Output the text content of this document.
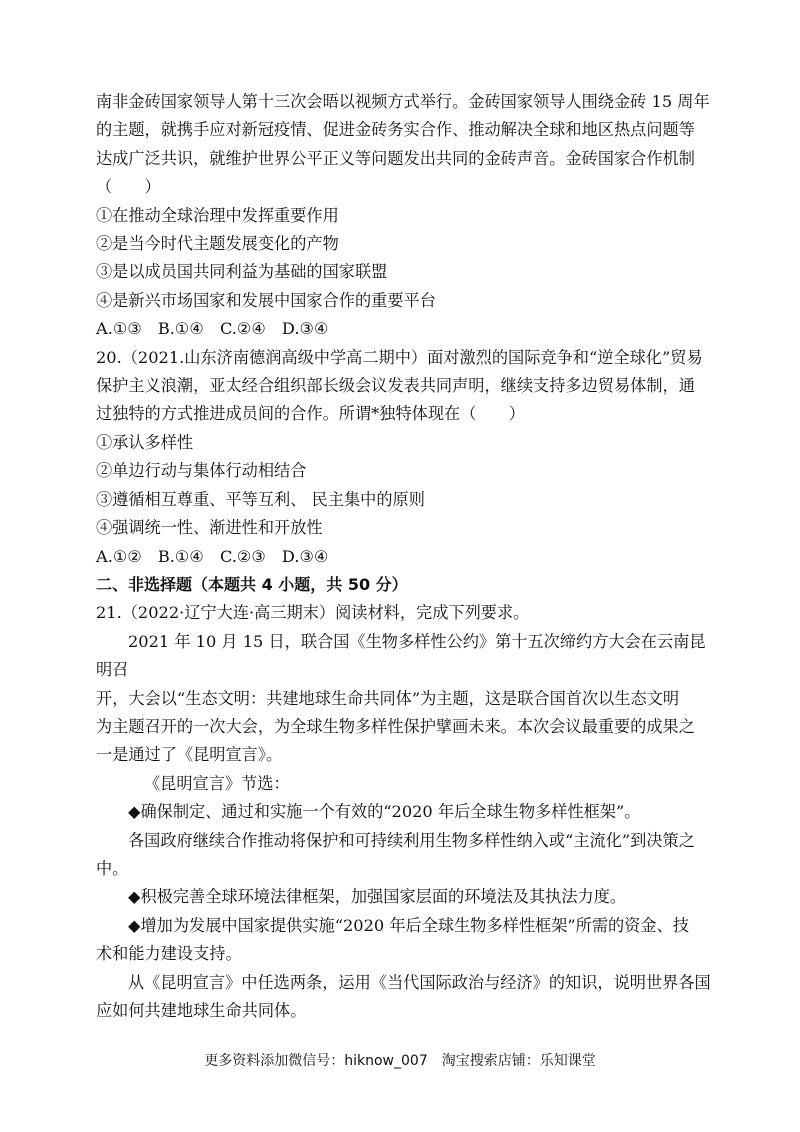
南非金砖国家领导人第十三次会晤以视频方式举行。金砖国家领导人围绕金砖 15 周年

的主题，就携手应对新冠疫情、促进金砖务实合作、推动解决全球和地区热点问题等

达成广泛共识，就维护世界公平正义等问题发出共同的金砖声音。金砖国家合作机制

（　　）

①在推动全球治理中发挥重要作用

②是当今时代主题发展变化的产物

③是以成员国共同利益为基础的国家联盟

④是新兴市场国家和发展中国家合作的重要平台

A.①③ B.①④ C.②④ D.③④

20.（2021.山东济南德润高级中学高二期中）面对激烈的国际竞争和“逆全球化”贸易

保护主义浪潮，亚太经合组织部长级会议发表共同声明，继续支持多边贸易体制，通

过独特的方式推进成员间的合作。所谓*独特体现在（　　）

①承认多样性

②单边行动与集体行动相结合

③遵循相互尊重、平等互利、 民主集中的原则

④强调统一性、渐进性和开放性

A.①② B.①④ C.②③ D.③④

二、非选择题（本题共 4 小题，共 50 分）

21.（2022·辽宁大连·高三期末）阅读材料，完成下列要求。

2021 年 10 月 15 日，联合国《生物多样性公约》第十五次缔约方大会在云南昆明召

开，大会以“生态文明：共建地球生命共同体”为主题，这是联合国首次以生态文明

为主题召开的一次大会，为全球生物多样性保护擘画未来。本次会议最重要的成果之

一是通过了《昆明宣言》。

《昆明宣言》节选：

◆确保制定、通过和实施一个有效的“2020 年后全球生物多样性框架”。

各国政府继续合作推动将保护和可持续利用生物多样性纳入或“主流化”到决策之

中。

◆积极完善全球环境法律框架，加强国家层面的环境法及其执法力度。

◆增加为发展中国家提供实施“2020 年后全球生物多样性框架”所需的资金、技

术和能力建设支持。

从《昆明宣言》中任选两条，运用《当代国际政治与经济》的知识，说明世界各国

应如何共建地球生命共同体。

更多资料添加微信号：hiknow_007 淘宝搜索店铺：乐知课堂
